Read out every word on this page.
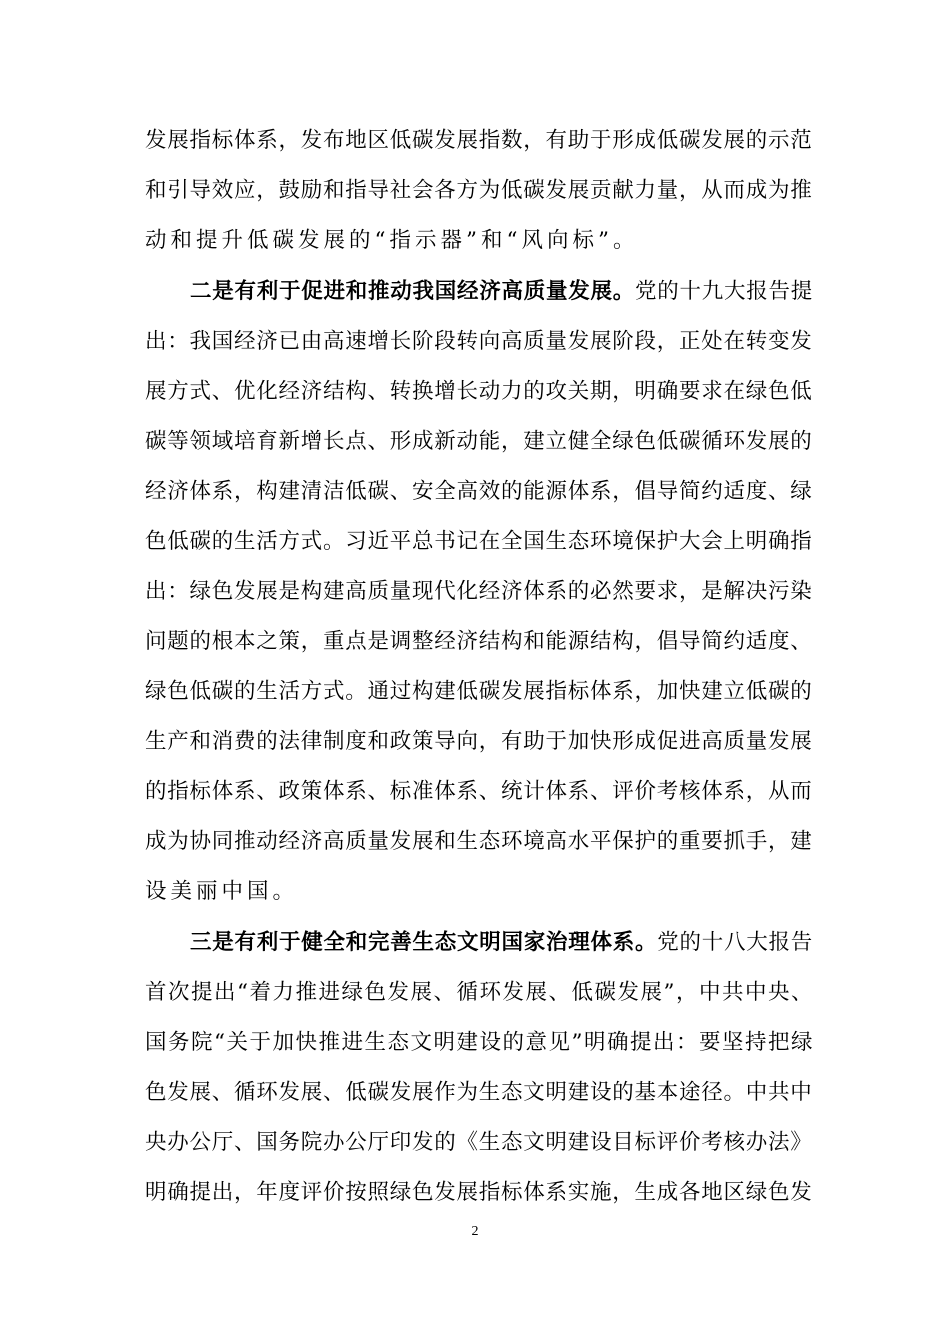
发展指标体系，发布地区低碳发展指数，有助于形成低碳发展的示范
和引导效应，鼓励和指导社会各方为低碳发展贡献力量，从而成为推
动和提升低碳发展的“指示器”和“风向标”。
二是有利于促进和推动我国经济高质量发展。党的十九大报告提
出：我国经济已由高速增长阶段转向高质量发展阶段，正处在转变发
展方式、优化经济结构、转换增长动力的攻关期，明确要求在绿色低
碳等领域培育新增长点、形成新动能，建立健全绿色低碳循环发展的
经济体系，构建清洁低碳、安全高效的能源体系，倡导简约适度、绿
色低碳的生活方式。习近平总书记在全国生态环境保护大会上明确指
出：绿色发展是构建高质量现代化经济体系的必然要求，是解决污染
问题的根本之策，重点是调整经济结构和能源结构，倡导简约适度、
绿色低碳的生活方式。通过构建低碳发展指标体系，加快建立低碳的
生产和消费的法律制度和政策导向，有助于加快形成促进高质量发展
的指标体系、政策体系、标准体系、统计体系、评价考核体系，从而
成为协同推动经济高质量发展和生态环境高水平保护的重要抓手，建
设美丽中国。
三是有利于健全和完善生态文明国家治理体系。党的十八大报告
首次提出“着力推进绿色发展、循环发展、低碳发展”，中共中央、
国务院“关于加快推进生态文明建设的意见”明确提出：要坚持把绿
色发展、循环发展、低碳发展作为生态文明建设的基本途径。中共中
央办公厅、国务院办公厅印发的《生态文明建设目标评价考核办法》
明确提出，年度评价按照绿色发展指标体系实施，生成各地区绿色发
2
